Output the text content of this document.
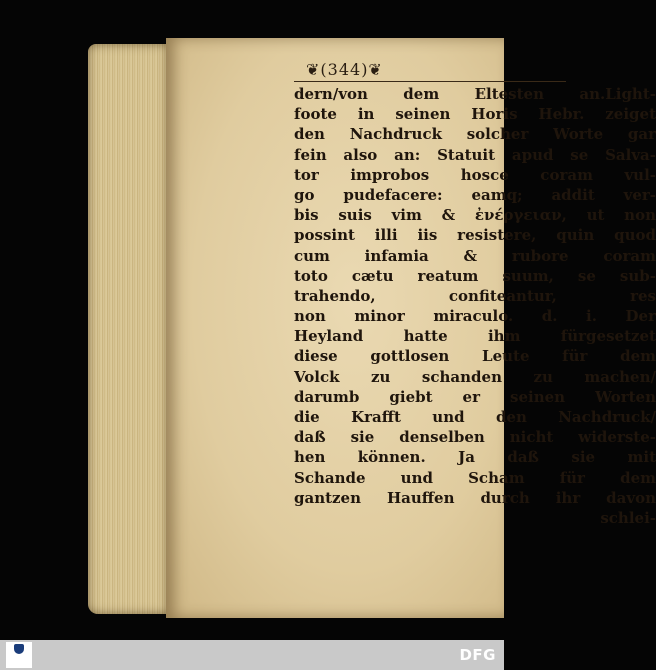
❦(344)❦
dern/von dem Eltesten an.Light-
foote in seinen Horis Hebr. zeiget
den Nachdruck solcher Worte gar
fein also an: Statuit apud se Salva-
tor improbos hosce coram vul-
go pudefacere: eamq; addit ver-
bis suis vim & ἐνέργειαν, ut non
possint illi iis resistere, quin quod
cum infamia & rubore coram
toto cætu reatum suum, se sub-
trahendo, confiteantur, res
non minor miraculo. d. i. Der
Heyland hatte ihm fürgesetzet
diese gottlosen Leute für dem
Volck zu schanden zu machen/
darumb giebt er seinen Worten
die Krafft und den Nachdruck/
daß sie denselben nicht widerste-
hen können. Ja daß sie mit
Schande und Scham für dem
gantzen Hauffen durch ihr davon
schlei-
DFG
